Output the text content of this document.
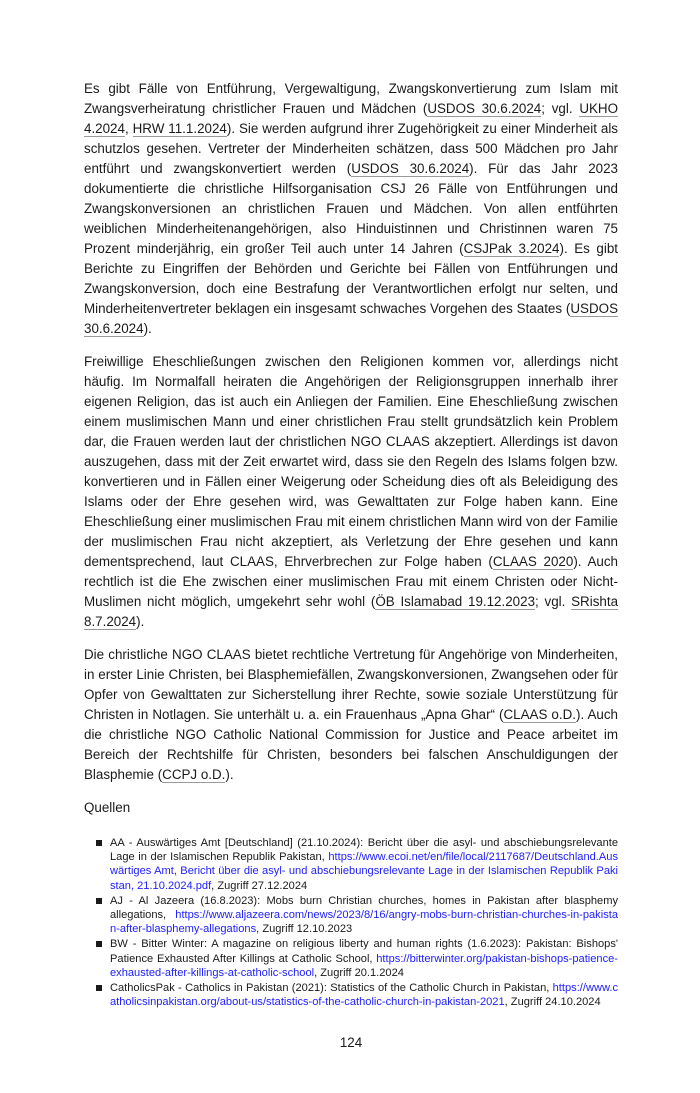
Es gibt Fälle von Entführung, Vergewaltigung, Zwangskonvertierung zum Islam mit Zwangsverheiratung christlicher Frauen und Mädchen (USDOS 30.6.2024; vgl. UKHO 4.2024, HRW 11.1.2024). Sie werden aufgrund ihrer Zugehörigkeit zu einer Minderheit als schutzlos gesehen. Vertreter der Minderheiten schätzen, dass 500 Mädchen pro Jahr entführt und zwangskonvertiert werden (USDOS 30.6.2024). Für das Jahr 2023 dokumentierte die christliche Hilfsorganisation CSJ 26 Fälle von Entführungen und Zwangskonversionen an christlichen Frauen und Mädchen. Von allen entführten weiblichen Minderheitenangehörigen, also Hinduistinnen und Christinnen waren 75 Prozent minderjährig, ein großer Teil auch unter 14 Jahren (CSJPak 3.2024). Es gibt Berichte zu Eingriffen der Behörden und Gerichte bei Fällen von Entführungen und Zwangskonversion, doch eine Bestrafung der Verantwortlichen erfolgt nur selten, und Minderheitenvertreter beklagen ein insgesamt schwaches Vorgehen des Staates (USDOS 30.6.2024).

Freiwillige Eheschließungen zwischen den Religionen kommen vor, allerdings nicht häufig. Im Normalfall heiraten die Angehörigen der Religionsgruppen innerhalb ihrer eigenen Religion, das ist auch ein Anliegen der Familien. Eine Eheschließung zwischen einem muslimischen Mann und einer christlichen Frau stellt grundsätzlich kein Problem dar, die Frauen werden laut der christlichen NGO CLAAS akzeptiert. Allerdings ist davon auszugehen, dass mit der Zeit erwartet wird, dass sie den Regeln des Islams folgen bzw. konvertieren und in Fällen einer Weigerung oder Scheidung dies oft als Beleidigung des Islams oder der Ehre gesehen wird, was Gewalttaten zur Folge haben kann. Eine Eheschließung einer muslimischen Frau mit einem christlichen Mann wird von der Familie der muslimischen Frau nicht akzeptiert, als Verletzung der Ehre gesehen und kann dementsprechend, laut CLAAS, Ehrverbrechen zur Folge haben (CLAAS 2020). Auch rechtlich ist die Ehe zwischen einer muslimischen Frau mit einem Christen oder Nicht-Muslimen nicht möglich, umgekehrt sehr wohl (ÖB Islamabad 19.12.2023; vgl. SRishta 8.7.2024).

Die christliche NGO CLAAS bietet rechtliche Vertretung für Angehörige von Minderheiten, in erster Linie Christen, bei Blasphemiefällen, Zwangskonversionen, Zwangsehen oder für Opfer von Gewalttaten zur Sicherstellung ihrer Rechte, sowie soziale Unterstützung für Christen in Notlagen. Sie unterhält u. a. ein Frauenhaus „Apna Ghar“ (CLAAS o.D.). Auch die christliche NGO Catholic National Commission for Justice and Peace arbeitet im Bereich der Rechtshilfe für Christen, besonders bei falschen Anschuldigungen der Blasphemie (CCPJ o.D.).

Quellen
AA - Auswärtiges Amt [Deutschland] (21.10.2024): Bericht über die asyl- und abschiebungsrelevante Lage in der Islamischen Republik Pakistan, https://www.ecoi.net/en/file/local/2117687/Deutschland.Auswärtiges Amt, Bericht über die asyl- und abschiebungsrelevante Lage in der Islamischen Republik Pakistan, 21.10.2024.pdf, Zugriff 27.12.2024
AJ - Al Jazeera (16.8.2023): Mobs burn Christian churches, homes in Pakistan after blasphemy allegations, https://www.aljazeera.com/news/2023/8/16/angry-mobs-burn-christian-churches-in-pakistan-after-blasphemy-allegations, Zugriff 12.10.2023
BW - Bitter Winter: A magazine on religious liberty and human rights (1.6.2023): Pakistan: Bishops' Patience Exhausted After Killings at Catholic School, https://bitterwinter.org/pakistan-bishops-patience-exhausted-after-killings-at-catholic-school, Zugriff 20.1.2024
CatholicsPak - Catholics in Pakistan (2021): Statistics of the Catholic Church in Pakistan, https://www.catholicsinpakistan.org/about-us/statistics-of-the-catholic-church-in-pakistan-2021, Zugriff 24.10.2024
124
